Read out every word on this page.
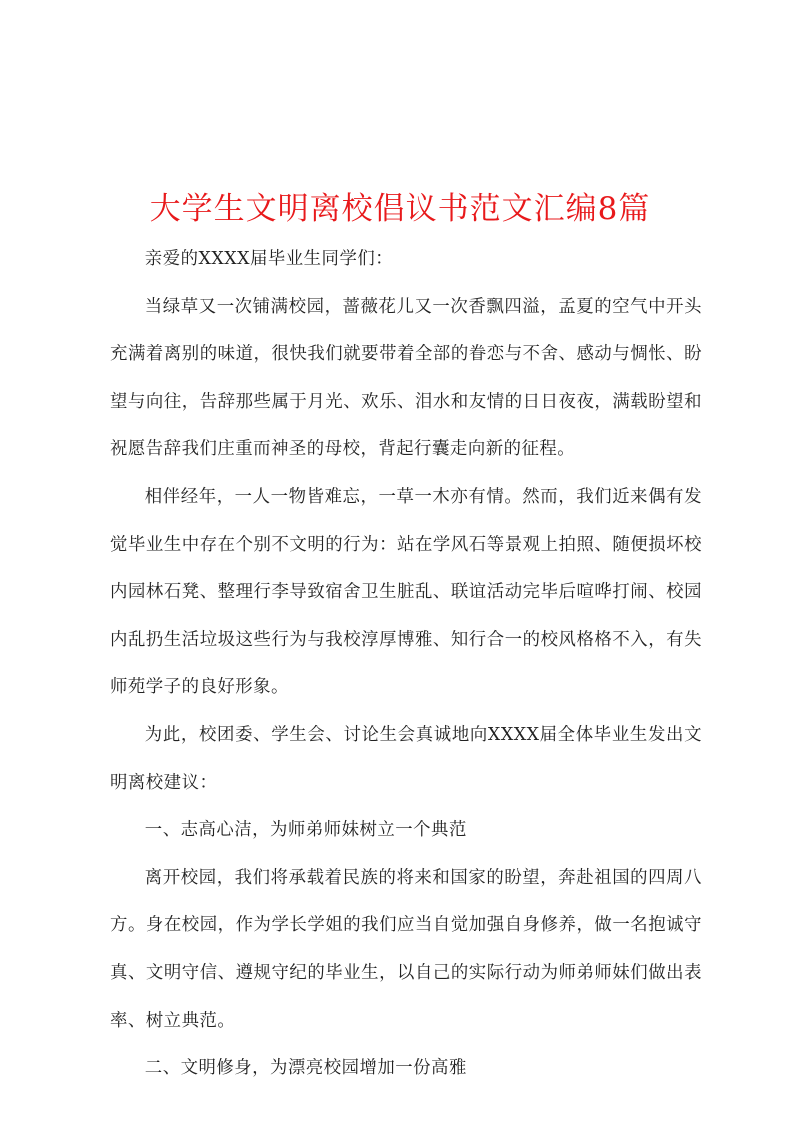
大学生文明离校倡议书范文汇编8篇

亲爱的XXXX届毕业生同学们：

当绿草又一次铺满校园，蔷薇花儿又一次香飘四溢，孟夏的空气中开头充满着离别的味道，很快我们就要带着全部的眷恋与不舍、感动与惆怅、盼望与向往，告辞那些属于月光、欢乐、泪水和友情的日日夜夜，满载盼望和祝愿告辞我们庄重而神圣的母校，背起行囊走向新的征程。

相伴经年，一人一物皆难忘，一草一木亦有情。然而，我们近来偶有发觉毕业生中存在个别不文明的行为：站在学风石等景观上拍照、随便损坏校内园林石凳、整理行李导致宿舍卫生脏乱、联谊活动完毕后喧哗打闹、校园内乱扔生活垃圾这些行为与我校淳厚博雅、知行合一的校风格格不入，有失师苑学子的良好形象。

为此，校团委、学生会、讨论生会真诚地向XXXX届全体毕业生发出文明离校建议：

一、志高心洁，为师弟师妹树立一个典范

离开校园，我们将承载着民族的将来和国家的盼望，奔赴祖国的四周八方。身在校园，作为学长学姐的我们应当自觉加强自身修养，做一名抱诚守真、文明守信、遵规守纪的毕业生，以自己的实际行动为师弟师妹们做出表率、树立典范。

二、文明修身，为漂亮校园增加一份高雅
